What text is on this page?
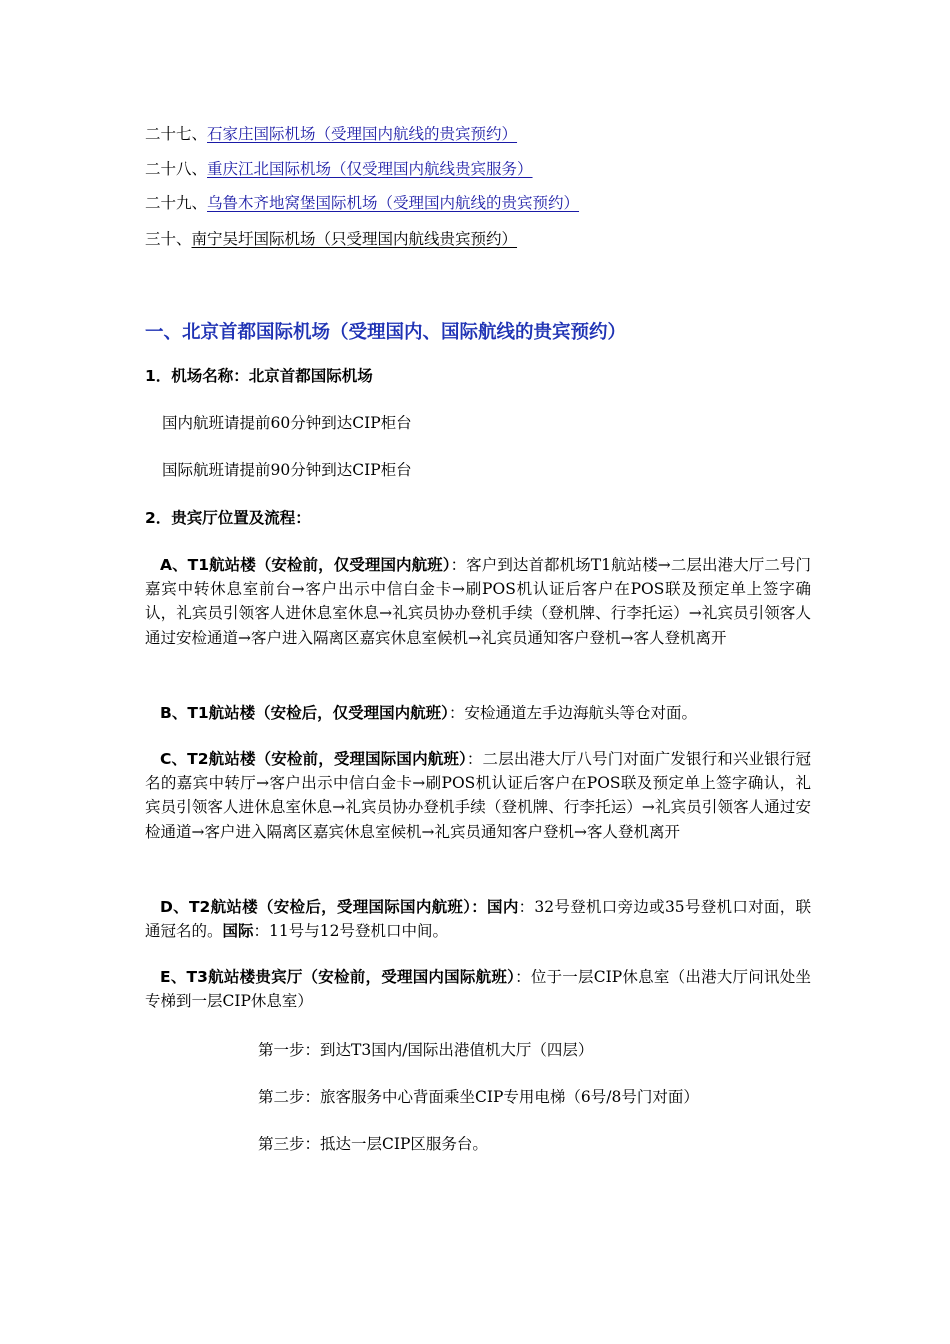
二十七、石家庄国际机场（受理国内航线的贵宾预约）
二十八、重庆江北国际机场（仅受理国内航线贵宾服务）
二十九、乌鲁木齐地窝堡国际机场（受理国内航线的贵宾预约）
三十、南宁吴圩国际机场（只受理国内航线贵宾预约）
一、北京首都国际机场（受理国内、国际航线的贵宾预约）
1．机场名称：北京首都国际机场
国内航班请提前60分钟到达CIP柜台
国际航班请提前90分钟到达CIP柜台
2．贵宾厅位置及流程：
A、T1航站楼（安检前，仅受理国内航班）：客户到达首都机场T1航站楼→二层出港大厅二号门嘉宾中转休息室前台→客户出示中信白金卡→刷POS机认证后客户在POS联及预定单上签字确认，礼宾员引领客人进休息室休息→礼宾员协办登机手续（登机牌、行李托运）→礼宾员引领客人通过安检通道→客户进入隔离区嘉宾休息室候机→礼宾员通知客户登机→客人登机离开
B、T1航站楼（安检后，仅受理国内航班）：安检通道左手边海航头等仓对面。
C、T2航站楼（安检前，受理国际国内航班）：二层出港大厅八号门对面广发银行和兴业银行冠名的嘉宾中转厅→客户出示中信白金卡→刷POS机认证后客户在POS联及预定单上签字确认，礼宾员引领客人进休息室休息→礼宾员协办登机手续（登机牌、行李托运）→礼宾员引领客人通过安检通道→客户进入隔离区嘉宾休息室候机→礼宾员通知客户登机→客人登机离开
D、T2航站楼（安检后，受理国际国内航班）：国内：32号登机口旁边或35号登机口对面，联通冠名的。国际：11号与12号登机口中间。
E、T3航站楼贵宾厅（安检前，受理国内国际航班）：位于一层CIP休息室（出港大厅问讯处坐专梯到一层CIP休息室）
第一步：到达T3国内/国际出港值机大厅（四层）
第二步：旅客服务中心背面乘坐CIP专用电梯（6号/8号门对面）
第三步：抵达一层CIP区服务台。
